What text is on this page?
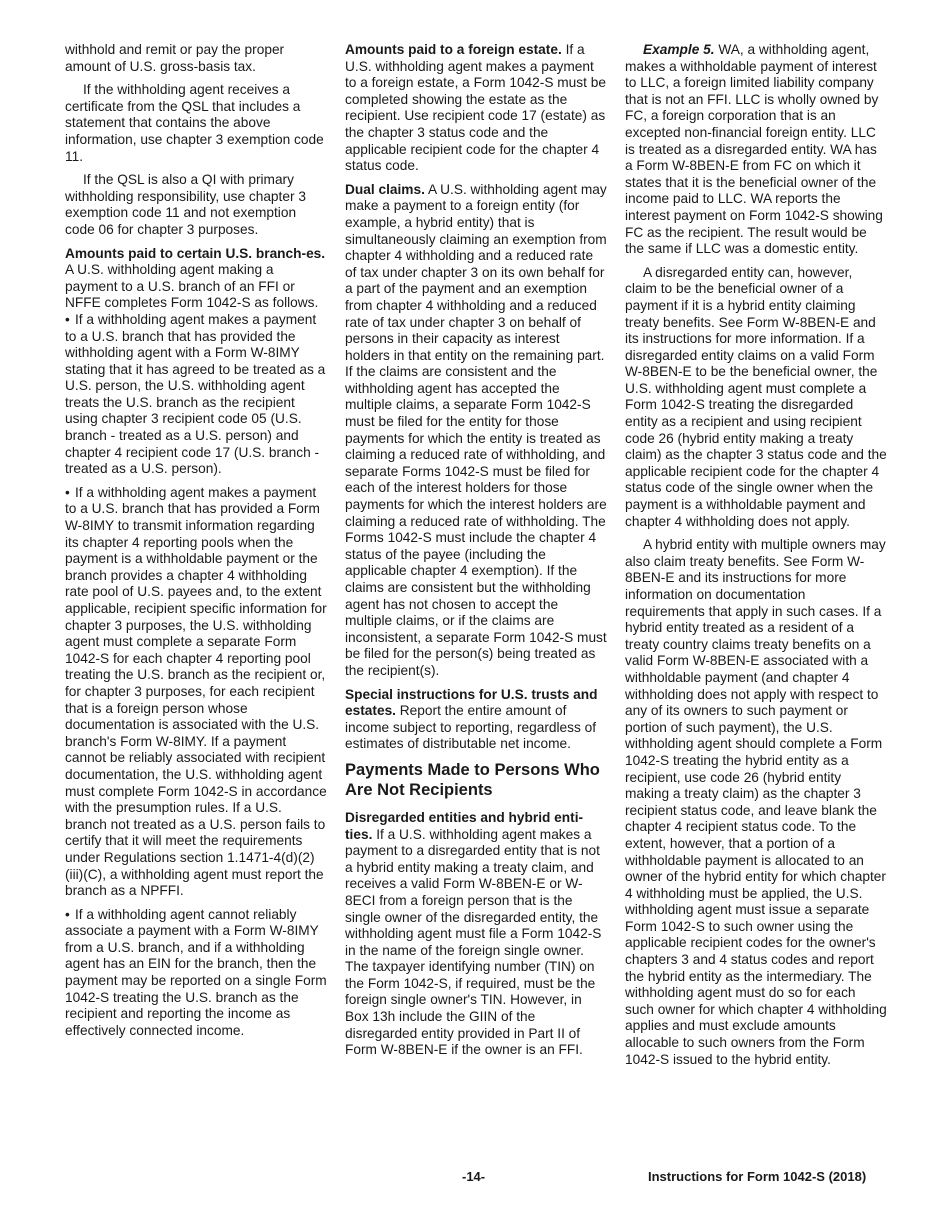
withhold and remit or pay the proper amount of U.S. gross-basis tax.

If the withholding agent receives a certificate from the QSL that includes a statement that contains the above information, use chapter 3 exemption code 11.

If the QSL is also a QI with primary withholding responsibility, use chapter 3 exemption code 11 and not exemption code 06 for chapter 3 purposes.

Amounts paid to certain U.S. branch-es. A U.S. withholding agent making a payment to a U.S. branch of an FFI or NFFE completes Form 1042-S as follows.

• If a withholding agent makes a payment to a U.S. branch that has provided the withholding agent with a Form W-8IMY stating that it has agreed to be treated as a U.S. person, the U.S. withholding agent treats the U.S. branch as the recipient using chapter 3 recipient code 05 (U.S. branch - treated as a U.S. person) and chapter 4 recipient code 17 (U.S. branch - treated as a U.S. person).

• If a withholding agent makes a payment to a U.S. branch that has provided a Form W-8IMY to transmit information regarding its chapter 4 reporting pools when the payment is a withholdable payment or the branch provides a chapter 4 withholding rate pool of U.S. payees and, to the extent applicable, recipient specific information for chapter 3 purposes, the U.S. withholding agent must complete a separate Form 1042-S for each chapter 4 reporting pool treating the U.S. branch as the recipient or, for chapter 3 purposes, for each recipient that is a foreign person whose documentation is associated with the U.S. branch's Form W-8IMY. If a payment cannot be reliably associated with recipient documentation, the U.S. withholding agent must complete Form 1042-S in accordance with the presumption rules. If a U.S. branch not treated as a U.S. person fails to certify that it will meet the requirements under Regulations section 1.1471-4(d)(2)(iii)(C), a withholding agent must report the branch as a NPFFI.

• If a withholding agent cannot reliably associate a payment with a Form W-8IMY from a U.S. branch, and if a withholding agent has an EIN for the branch, then the payment may be reported on a single Form 1042-S treating the U.S. branch as the recipient and reporting the income as effectively connected income.

Amounts paid to a foreign estate. If a U.S. withholding agent makes a payment to a foreign estate, a Form 1042-S must be completed showing the estate as the recipient. Use recipient code 17 (estate) as the chapter 3 status code and the applicable recipient code for the chapter 4 status code.

Dual claims. A U.S. withholding agent may make a payment to a foreign entity (for example, a hybrid entity) that is simultaneously claiming an exemption from chapter 4 withholding and a reduced rate of tax under chapter 3 on its own behalf for a part of the payment and an exemption from chapter 4 withholding and a reduced rate of tax under chapter 3 on behalf of persons in their capacity as interest holders in that entity on the remaining part. If the claims are consistent and the withholding agent has accepted the multiple claims, a separate Form 1042-S must be filed for the entity for those payments for which the entity is treated as claiming a reduced rate of withholding, and separate Forms 1042-S must be filed for each of the interest holders for those payments for which the interest holders are claiming a reduced rate of withholding. The Forms 1042-S must include the chapter 4 status of the payee (including the applicable chapter 4 exemption). If the claims are consistent but the withholding agent has not chosen to accept the multiple claims, or if the claims are inconsistent, a separate Form 1042-S must be filed for the person(s) being treated as the recipient(s).

Special instructions for U.S. trusts and estates. Report the entire amount of income subject to reporting, regardless of estimates of distributable net income.

Payments Made to Persons Who Are Not Recipients

Disregarded entities and hybrid enti-ties. If a U.S. withholding agent makes a payment to a disregarded entity that is not a hybrid entity making a treaty claim, and receives a valid Form W-8BEN-E or W-8ECI from a foreign person that is the single owner of the disregarded entity, the withholding agent must file a Form 1042-S in the name of the foreign single owner. The taxpayer identifying number (TIN) on the Form 1042-S, if required, must be the foreign single owner's TIN. However, in Box 13h include the GIIN of the disregarded entity provided in Part II of Form W-8BEN-E if the owner is an FFI.

Example 5. WA, a withholding agent, makes a withholdable payment of interest to LLC, a foreign limited liability company that is not an FFI. LLC is wholly owned by FC, a foreign corporation that is an excepted non-financial foreign entity. LLC is treated as a disregarded entity. WA has a Form W-8BEN-E from FC on which it states that it is the beneficial owner of the income paid to LLC. WA reports the interest payment on Form 1042-S showing FC as the recipient. The result would be the same if LLC was a domestic entity.

A disregarded entity can, however, claim to be the beneficial owner of a payment if it is a hybrid entity claiming treaty benefits. See Form W-8BEN-E and its instructions for more information. If a disregarded entity claims on a valid Form W-8BEN-E to be the beneficial owner, the U.S. withholding agent must complete a Form 1042-S treating the disregarded entity as a recipient and using recipient code 26 (hybrid entity making a treaty claim) as the chapter 3 status code and the applicable recipient code for the chapter 4 status code of the single owner when the payment is a withholdable payment and chapter 4 withholding does not apply.

A hybrid entity with multiple owners may also claim treaty benefits. See Form W-8BEN-E and its instructions for more information on documentation requirements that apply in such cases. If a hybrid entity treated as a resident of a treaty country claims treaty benefits on a valid Form W-8BEN-E associated with a withholdable payment (and chapter 4 withholding does not apply with respect to any of its owners to such payment or portion of such payment), the U.S. withholding agent should complete a Form 1042-S treating the hybrid entity as a recipient, use code 26 (hybrid entity making a treaty claim) as the chapter 3 recipient status code, and leave blank the chapter 4 recipient status code. To the extent, however, that a portion of a withholdable payment is allocated to an owner of the hybrid entity for which chapter 4 withholding must be applied, the U.S. withholding agent must issue a separate Form 1042-S to such owner using the applicable recipient codes for the owner's chapters 3 and 4 status codes and report the hybrid entity as the intermediary. The withholding agent must do so for each such owner for which chapter 4 withholding applies and must exclude amounts allocable to such owners from the Form 1042-S issued to the hybrid entity.

-14-	Instructions for Form 1042-S (2018)
